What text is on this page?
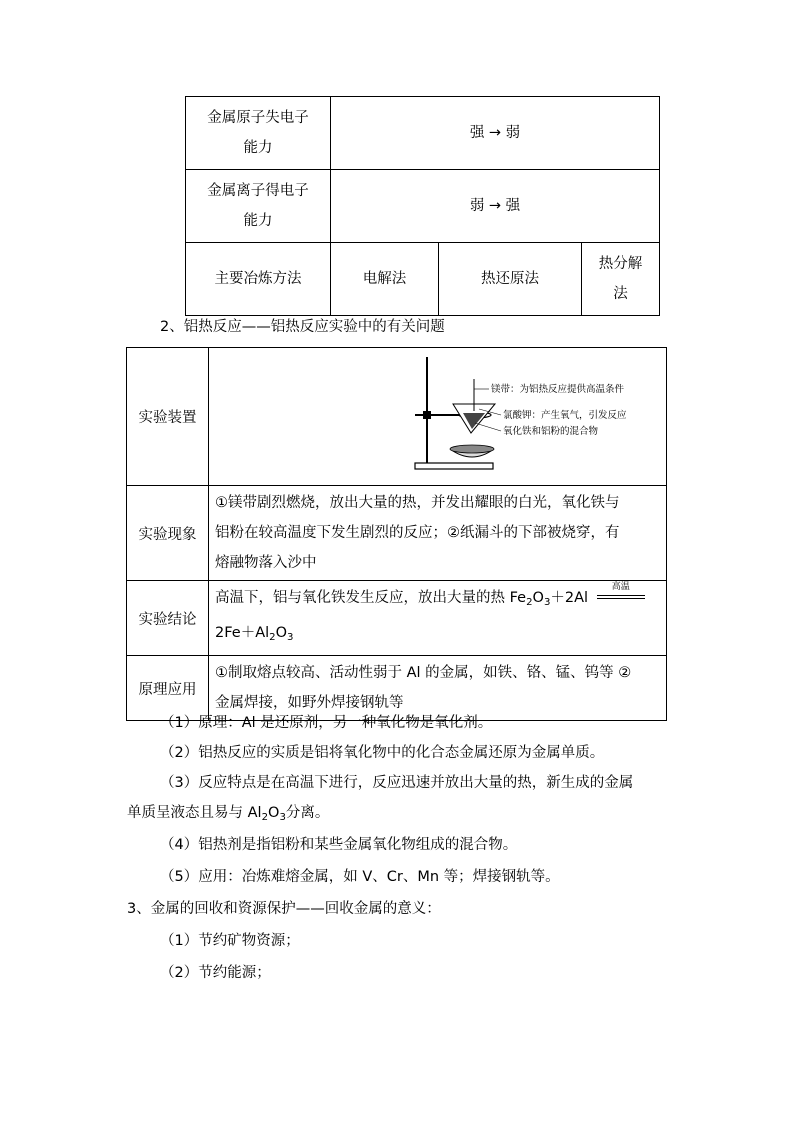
金属原子失电子
能力	强 → 弱		

金属离子得电子
能力	弱 → 强		
主要冶炼方法	电解法	热还原法	热分解
法
2、铝热反应——铝热反应实验中的有关问题
实验装置	镁带：为铝热反应提供高温条件
氯酸钾：产生氧气，引发反应
氧化铁和铝粉的混合物

实验现象	①镁带剧烈燃烧，放出大量的热，并发出耀眼的白光，氧化铁与
铝粉在较高温度下发生剧烈的反应；②纸漏斗的下部被烧穿，有
熔融物落入沙中

实验结论	高温下，铝与氧化铁发生反应，放出大量的热 $Fe_2O_3+2Al$
高温
$2Fe+Al_2O_3$

原理应用	①制取熔点较高、活动性弱于 Al 的金属，如铁、铬、锰、钨等 ②
金属焊接，如野外焊接钢轨等
（1）原理：Al 是还原剂，另一种氧化物是氧化剂。
（2）铝热反应的实质是铝将氧化物中的化合态金属还原为金属单质。
（3）反应特点是在高温下进行，反应迅速并放出大量的热，新生成的金属
单质呈液态且易与 $Al_2O_3$分离。
（4）铝热剂是指铝粉和某些金属氧化物组成的混合物。
（5）应用：冶炼难熔金属，如 V、Cr、Mn 等；焊接钢轨等。
3、金属的回收和资源保护——回收金属的意义：
（1）节约矿物资源；
（2）节约能源；
